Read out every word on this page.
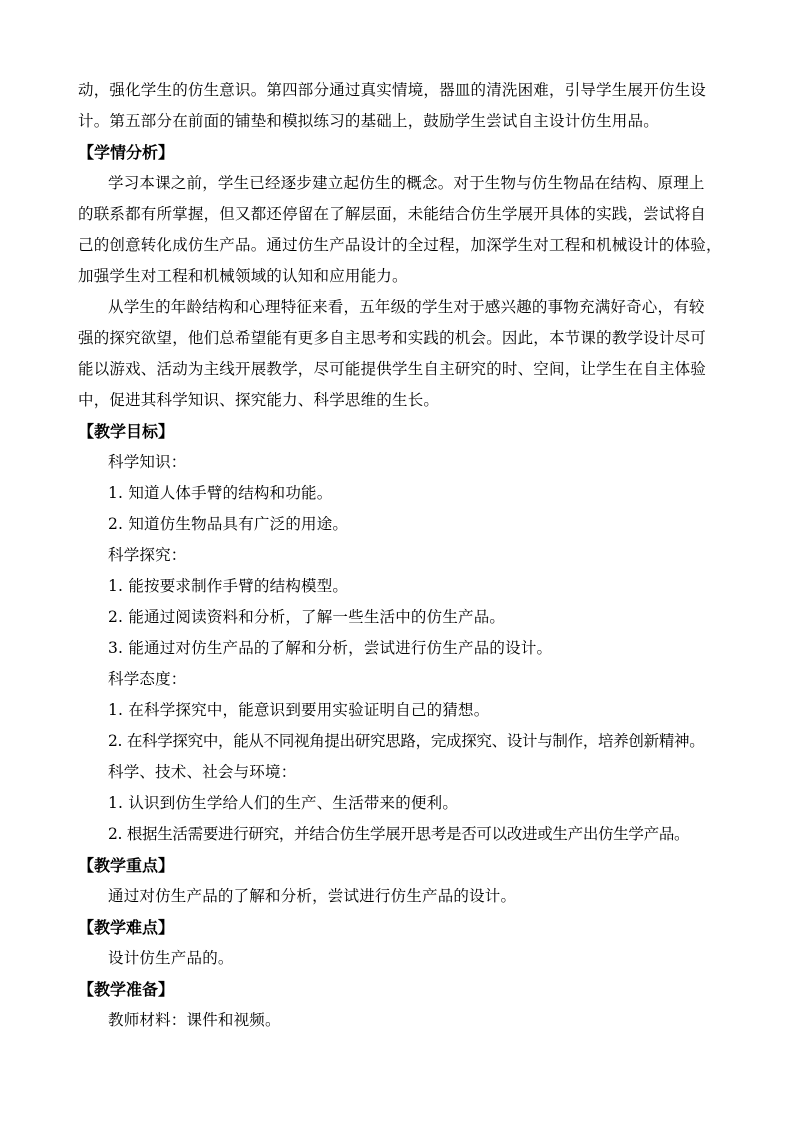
动，强化学生的仿生意识。第四部分通过真实情境，器皿的清洗困难，引导学生展开仿生设
计。第五部分在前面的铺垫和模拟练习的基础上，鼓励学生尝试自主设计仿生用品。
【学情分析】
学习本课之前，学生已经逐步建立起仿生的概念。对于生物与仿生物品在结构、原理上
的联系都有所掌握，但又都还停留在了解层面，未能结合仿生学展开具体的实践，尝试将自
己的创意转化成仿生产品。通过仿生产品设计的全过程，加深学生对工程和机械设计的体验，
加强学生对工程和机械领域的认知和应用能力。
从学生的年龄结构和心理特征来看，五年级的学生对于感兴趣的事物充满好奇心，有较
强的探究欲望，他们总希望能有更多自主思考和实践的机会。因此，本节课的教学设计尽可
能以游戏、活动为主线开展教学，尽可能提供学生自主研究的时、空间，让学生在自主体验
中，促进其科学知识、探究能力、科学思维的生长。
【教学目标】
科学知识：
1. 知道人体手臂的结构和功能。
2. 知道仿生物品具有广泛的用途。
科学探究：
1. 能按要求制作手臂的结构模型。
2. 能通过阅读资料和分析，了解一些生活中的仿生产品。
3. 能通过对仿生产品的了解和分析，尝试进行仿生产品的设计。
科学态度：
1. 在科学探究中，能意识到要用实验证明自己的猜想。
2. 在科学探究中，能从不同视角提出研究思路，完成探究、设计与制作，培养创新精神。
科学、技术、社会与环境：
1. 认识到仿生学给人们的生产、生活带来的便利。
2. 根据生活需要进行研究，并结合仿生学展开思考是否可以改进或生产出仿生学产品。
【教学重点】
通过对仿生产品的了解和分析，尝试进行仿生产品的设计。
【教学难点】
设计仿生产品的。
【教学准备】
教师材料：课件和视频。
